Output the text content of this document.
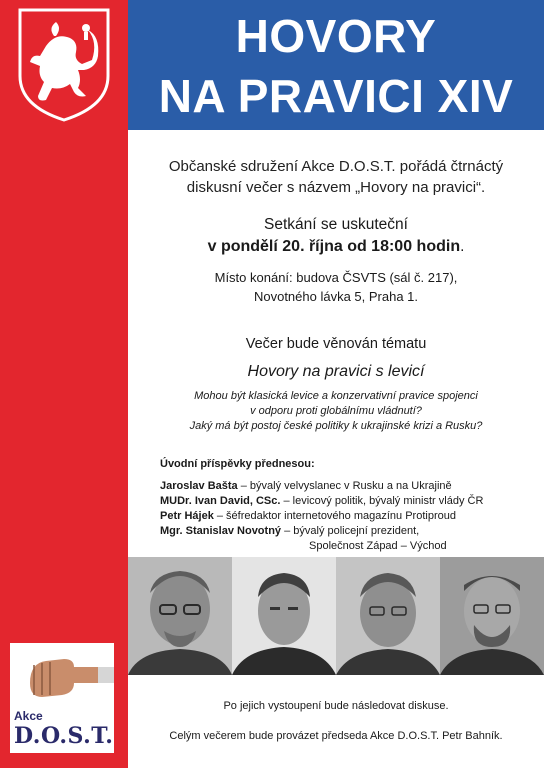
HOVORY
NA PRAVICI XIV
Občanské sdružení Akce D.O.S.T. pořádá čtrnáctý
diskusní večer s názvem „Hovory na pravici“.
Setkání se uskuteční
v pondělí 20. října od 18:00 hodin.
Místo konání: budova ČSVTS (sál č. 217),
Novotného lávka 5, Praha 1.
Večer bude věnován tématu
Hovory na pravici s levicí
Mohou být klasická levice a konzervativní pravice spojenci
v odporu proti globálnímu vládnutí?
Jaký má být postoj české politiky k ukrajinské krizi a Rusku?
Úvodní příspěvky přednesou:
Jaroslav Bašta – bývalý velvyslanec v Rusku a na Ukrajině
MUDr. Ivan David, CSc. – levicový politik, bývalý ministr vlády ČR
Petr Hájek – šéfredaktor internetového magazínu Protiproud
Mgr. Stanislav Novotný – bývalý policejní prezident,
Společnost Západ – Východ
Akce
D.O.S.T.
Po jejich vystoupení bude následovat diskuse.
Celým večerem bude provázet předseda Akce D.O.S.T. Petr Bahník.
